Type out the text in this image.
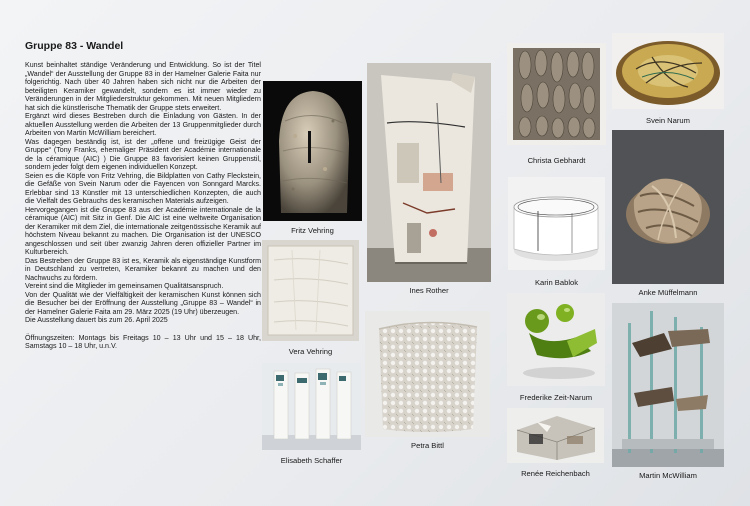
Gruppe 83 - Wandel

Kunst beinhaltet ständige Veränderung und Entwicklung. So ist der Titel „Wandel“ der Ausstellung der Gruppe 83 in der Hamelner Galerie Faita nur folgerichtig. Nach über 40 Jahren haben sich nicht nur die Arbeiten der beteiligten Keramiker gewandelt, sondern es ist immer wieder zu Veränderungen in der Mitgliederstruktur gekommen. Mit neuen Mitgliedern hat sich die künstlerische Thematik der Gruppe stets erweitert.

Ergänzt wird dieses Bestreben durch die Einladung von Gästen. In der aktuellen Ausstellung werden die Arbeiten der 13 Gruppenmitglieder durch Arbeiten von Martin McWilliam bereichert.

Was dagegen beständig ist, ist der „offene und freizügige Geist der Gruppe“ (Tony Franks, ehemaliger Präsident der Académie internationale de la céramique (AIC) ) Die Gruppe 83 favorisiert keinen Gruppenstil, sondern jeder folgt dem eigenen individuellen Konzept.

Seien es die Köpfe von Fritz Vehring, die Bildplatten von Cathy Fleckstein, die Gefäße von Svein Narum oder die Fayencen von Sonngard Marcks. Erlebbar sind 13 Künstler mit 13 unterschiedlichen Konzepten, die auch die Vielfalt des Gebrauchs des keramischen Materials aufzeigen.

Hervorgegangen ist die Gruppe 83 aus der Académie internationale de la céramique (AIC) mit Sitz in Genf. Die AIC ist eine weltweite Organisation der Keramiker mit dem Ziel, die internationale zeitgenössische Keramik auf höchstem Niveau bekannt zu machen. Die Organisation ist der UNESCO angeschlossen und seit über zwanzig Jahren deren offizieller Partner im Kulturbereich.

Das Bestreben der Gruppe 83 ist es, Keramik als eigenständige Kunstform in Deutschland zu vertreten, Keramiker bekannt zu machen und den Nachwuchs zu fördern.

Vereint sind die Mitglieder im gemeinsamen Qualitätsanspruch.

Von der Qualität wie der Vielfältigkeit der keramischen Kunst können sich die Besucher bei der Eröffnung der Ausstellung „Gruppe 83 – Wandel“ in der Hamelner Galerie Faita am 29. März 2025 (19 Uhr) überzeugen.

Die Ausstellung dauert bis zum 26. April 2025

Öffnungszeiten: Montags bis Freitags 10 – 13 Uhr und 15 – 18 Uhr, Samstags 10 – 18 Uhr, u.n.V.

Fritz Vehring
Vera Vehring
Elisabeth Schaffer
Ines Rother
Petra Bittl
Christa Gebhardt
Karin Bablok
Frederike Zeit-Narum
Renée Reichenbach
Svein Narum
Anke Müffelmann
Martin McWilliam
